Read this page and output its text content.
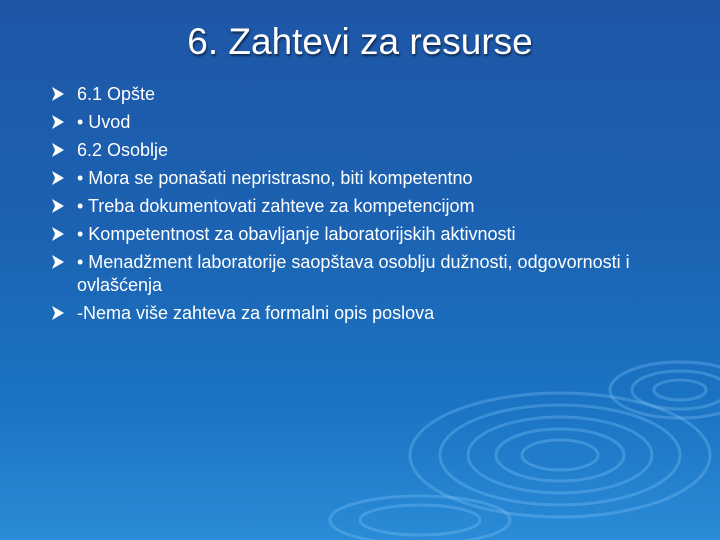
6. Zahtevi za resurse
6.1 Opšte
• Uvod
6.2 Osoblje
• Mora se ponašati nepristrasno, biti kompetentno
• Treba dokumentovati zahteve za kompetencijom
• Kompetentnost za obavljanje laboratorijskih aktivnosti
• Menadžment laboratorije saopštava osoblju dužnosti, odgovornosti i ovlašćenja
-Nema više zahteva za formalni opis poslova
